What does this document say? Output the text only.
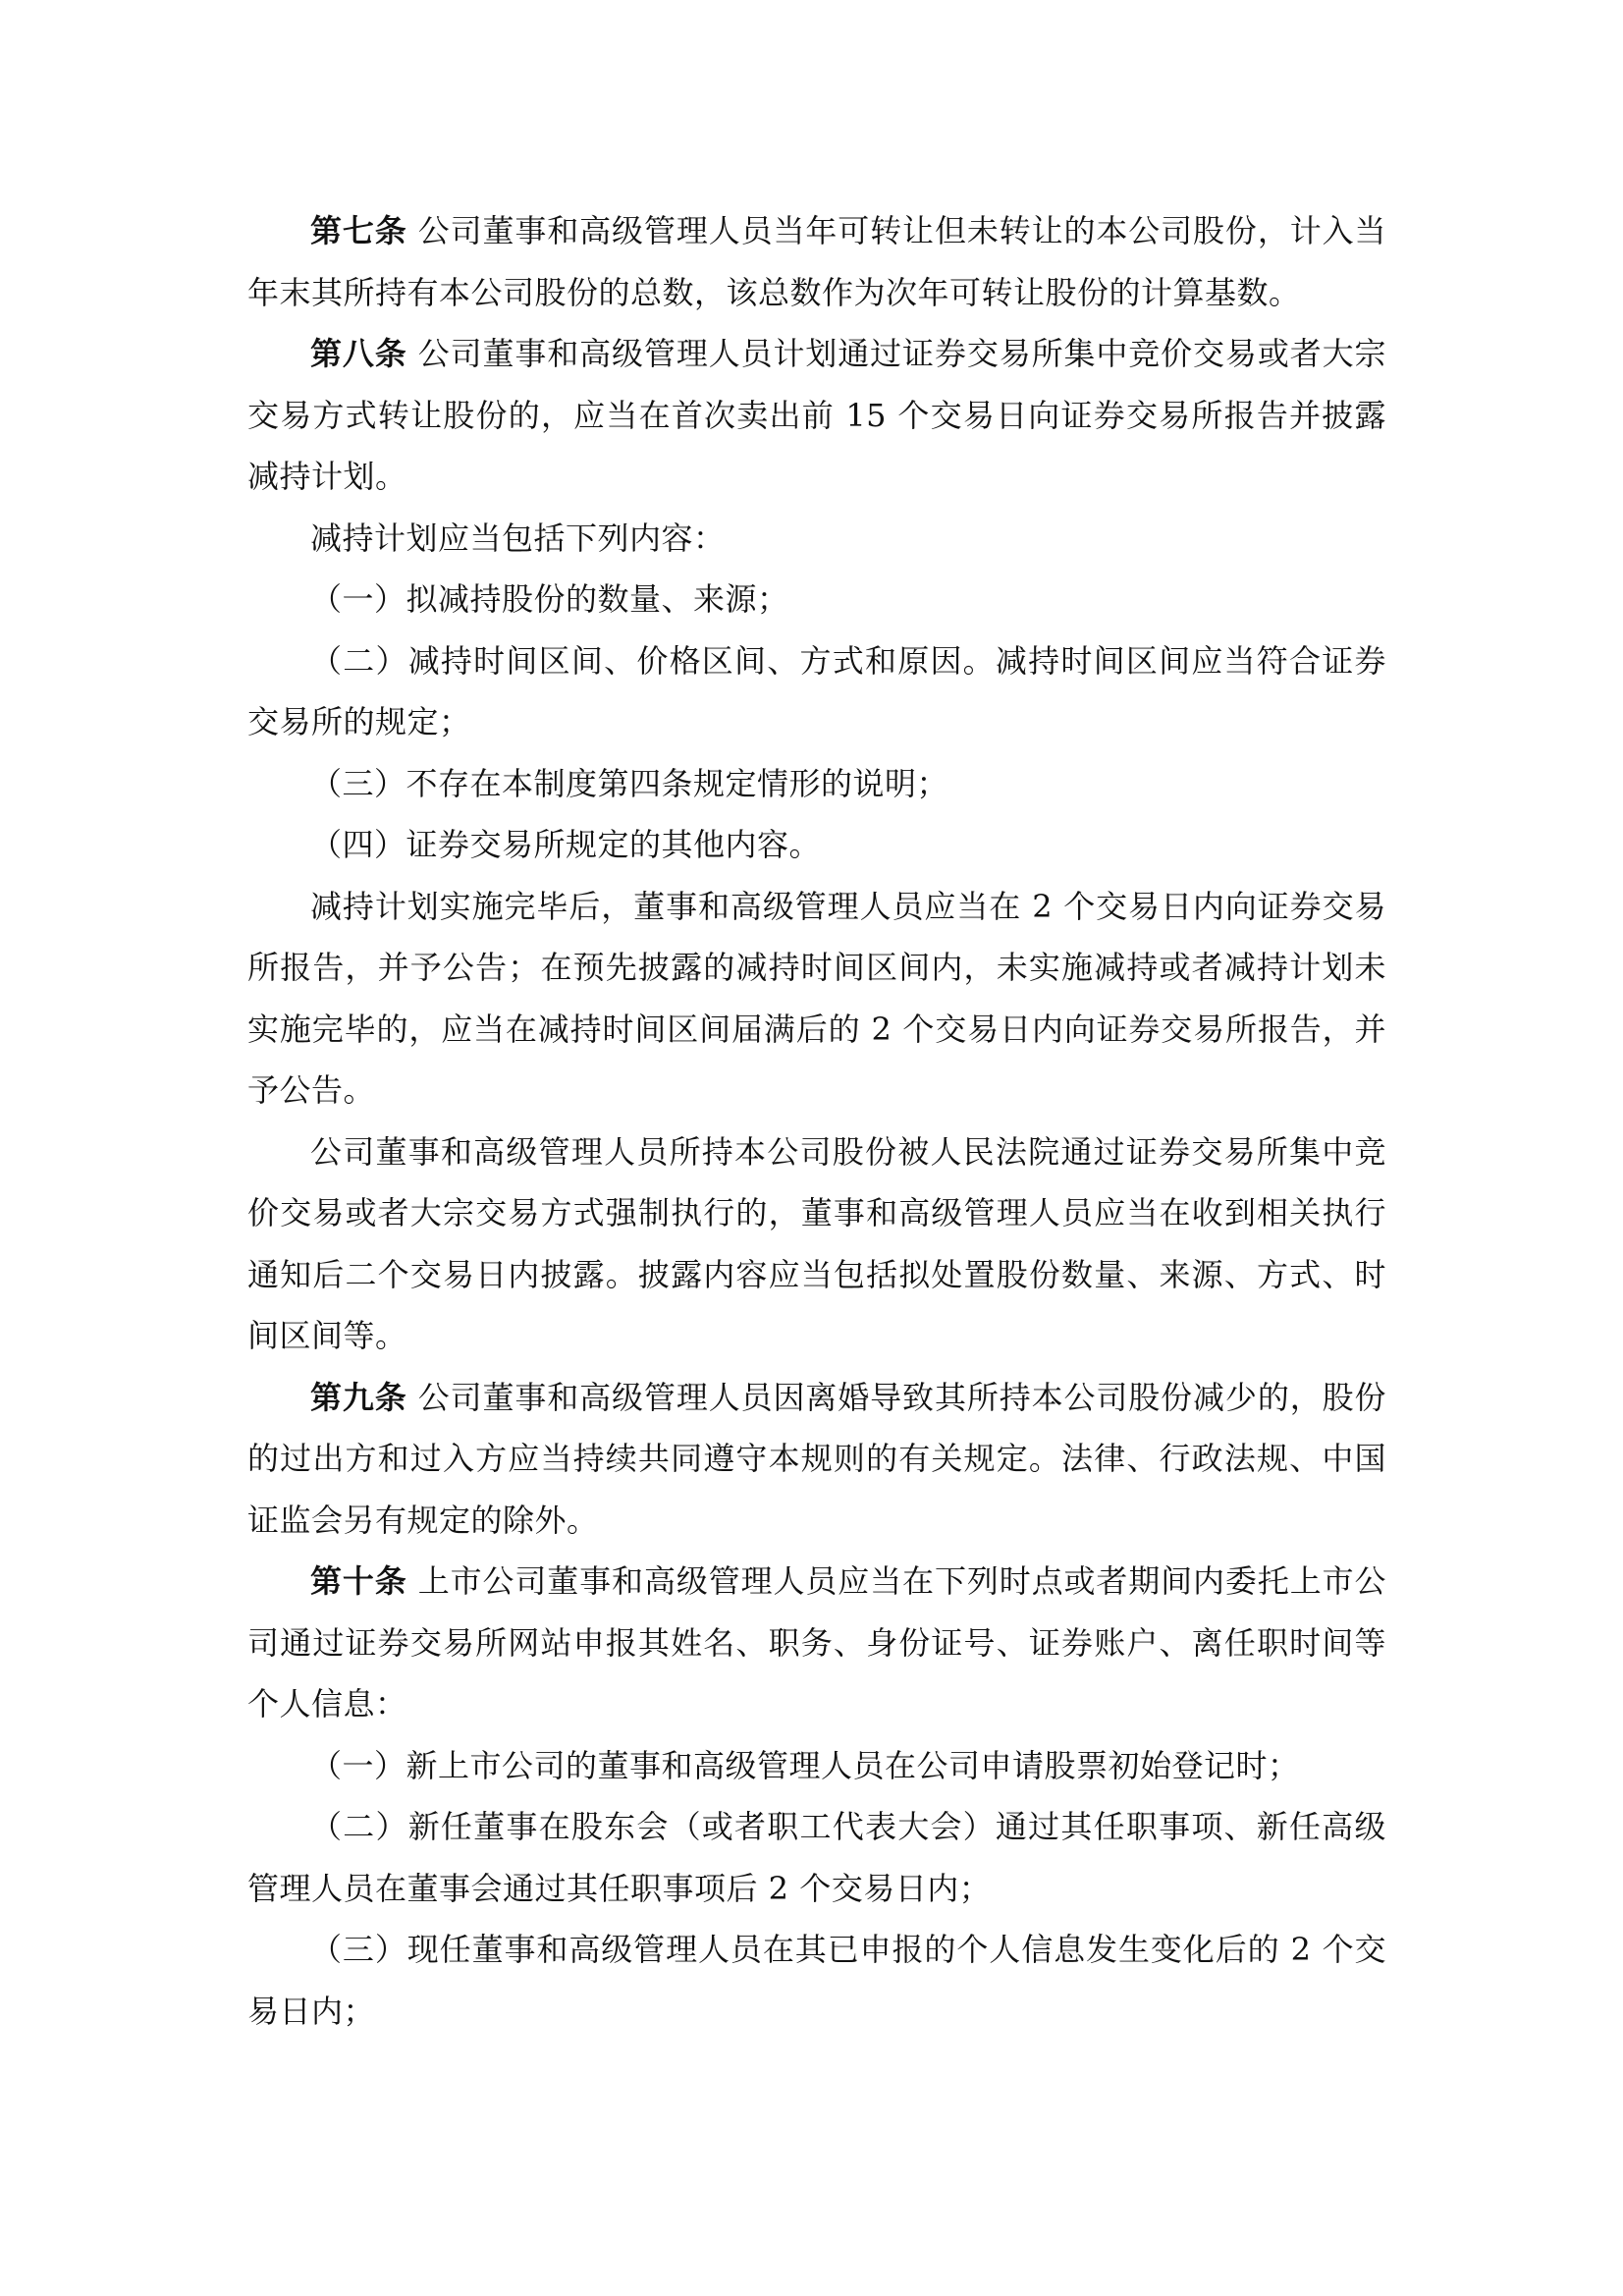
第七条 公司董事和高级管理人员当年可转让但未转让的本公司股份，计入当年末其所持有本公司股份的总数，该总数作为次年可转让股份的计算基数。

第八条 公司董事和高级管理人员计划通过证券交易所集中竞价交易或者大宗交易方式转让股份的，应当在首次卖出前 15 个交易日向证券交易所报告并披露减持计划。

减持计划应当包括下列内容：

（一）拟减持股份的数量、来源；

（二）减持时间区间、价格区间、方式和原因。减持时间区间应当符合证券交易所的规定；

（三）不存在本制度第四条规定情形的说明；

（四）证券交易所规定的其他内容。

减持计划实施完毕后，董事和高级管理人员应当在 2 个交易日内向证券交易所报告，并予公告；在预先披露的减持时间区间内，未实施减持或者减持计划未实施完毕的，应当在减持时间区间届满后的 2 个交易日内向证券交易所报告，并予公告。

公司董事和高级管理人员所持本公司股份被人民法院通过证券交易所集中竞价交易或者大宗交易方式强制执行的，董事和高级管理人员应当在收到相关执行通知后二个交易日内披露。披露内容应当包括拟处置股份数量、来源、方式、时间区间等。

第九条 公司董事和高级管理人员因离婚导致其所持本公司股份减少的，股份的过出方和过入方应当持续共同遵守本规则的有关规定。法律、行政法规、中国证监会另有规定的除外。

第十条 上市公司董事和高级管理人员应当在下列时点或者期间内委托上市公司通过证券交易所网站申报其姓名、职务、身份证号、证券账户、离任职时间等个人信息：

（一）新上市公司的董事和高级管理人员在公司申请股票初始登记时；

（二）新任董事在股东会（或者职工代表大会）通过其任职事项、新任高级管理人员在董事会通过其任职事项后 2 个交易日内；

（三）现任董事和高级管理人员在其已申报的个人信息发生变化后的 2 个交易日内；
